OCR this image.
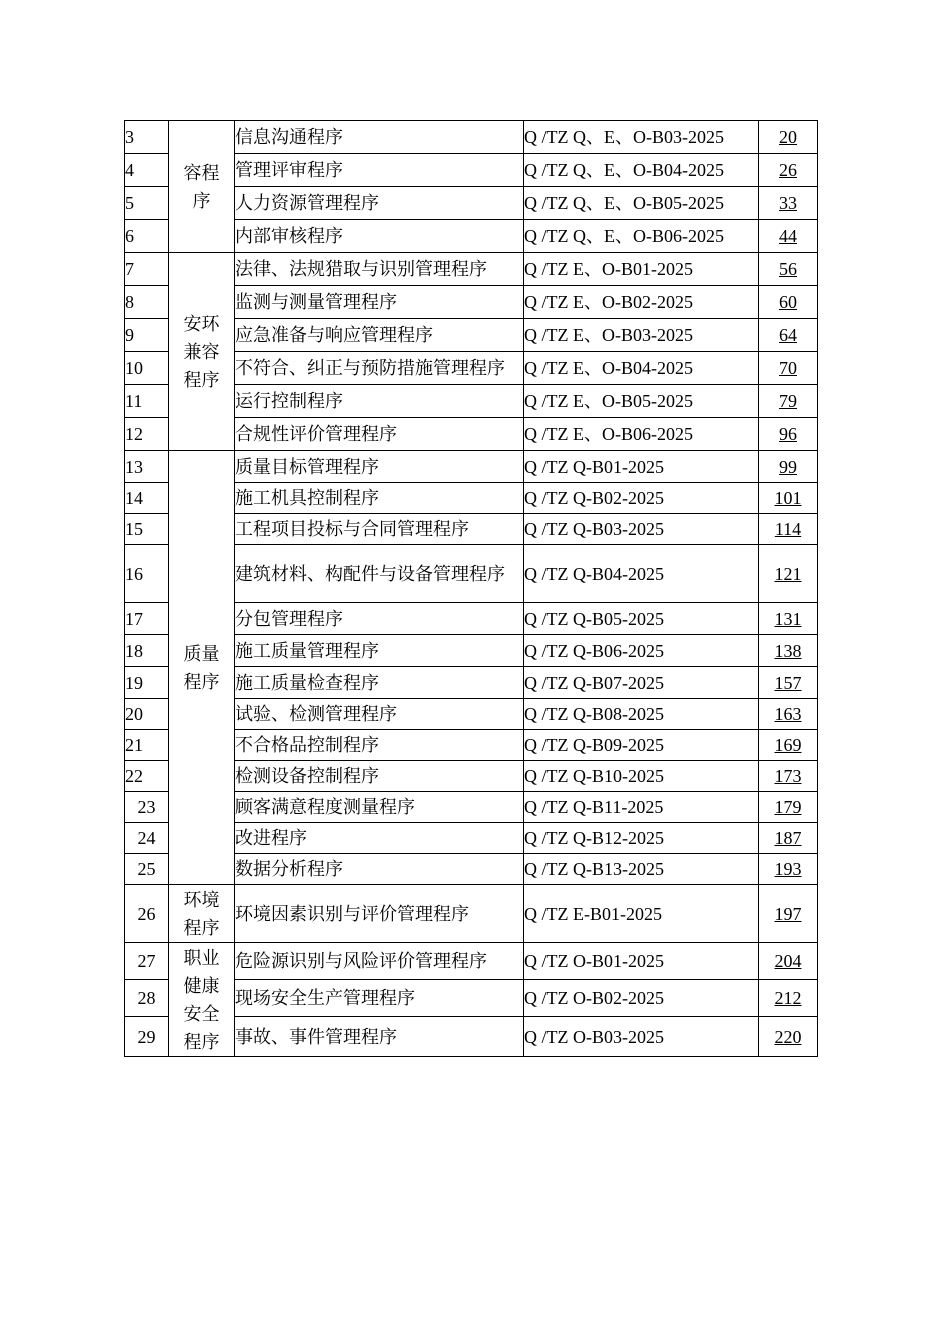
3	容程序	信息沟通程序	Q /TZ Q、E、O-B03-2025	20
4		管理评审程序	Q /TZ Q、E、O-B04-2025	26
5		人力资源管理程序	Q /TZ Q、E、O-B05-2025	33
6		内部审核程序	Q /TZ Q、E、O-B06-2025	44
7	安环兼容程序	法律、法规猎取与识别管理程序	Q /TZ E、O-B01-2025	56
8		监测与测量管理程序	Q /TZ E、O-B02-2025	60
9		应急准备与响应管理程序	Q /TZ E、O-B03-2025	64
10		不符合、纠正与预防措施管理程序	Q /TZ E、O-B04-2025	70
11		运行控制程序	Q /TZ E、O-B05-2025	79
12		合规性评价管理程序	Q /TZ E、O-B06-2025	96
13	质量程序	质量目标管理程序	Q /TZ Q-B01-2025	99
14		施工机具控制程序	Q /TZ Q-B02-2025	101
15		工程项目投标与合同管理程序	Q /TZ Q-B03-2025	114
16		建筑材料、构配件与设备管理程序	Q /TZ Q-B04-2025	121
17		分包管理程序	Q /TZ Q-B05-2025	131
18		施工质量管理程序	Q /TZ Q-B06-2025	138
19		施工质量检查程序	Q /TZ Q-B07-2025	157
20		试验、检测管理程序	Q /TZ Q-B08-2025	163
21		不合格品控制程序	Q /TZ Q-B09-2025	169
22		检测设备控制程序	Q /TZ Q-B10-2025	173
23		顾客满意程度测量程序	Q /TZ Q-B11-2025	179
24		改进程序	Q /TZ Q-B12-2025	187
25		数据分析程序	Q /TZ Q-B13-2025	193
26	环境程序	环境因素识别与评价管理程序	Q /TZ E-B01-2025	197
27	职业健康安全程序	危险源识别与风险评价管理程序	Q /TZ O-B01-2025	204
28		现场安全生产管理程序	Q /TZ O-B02-2025	212
29		事故、事件管理程序	Q /TZ O-B03-2025	220
